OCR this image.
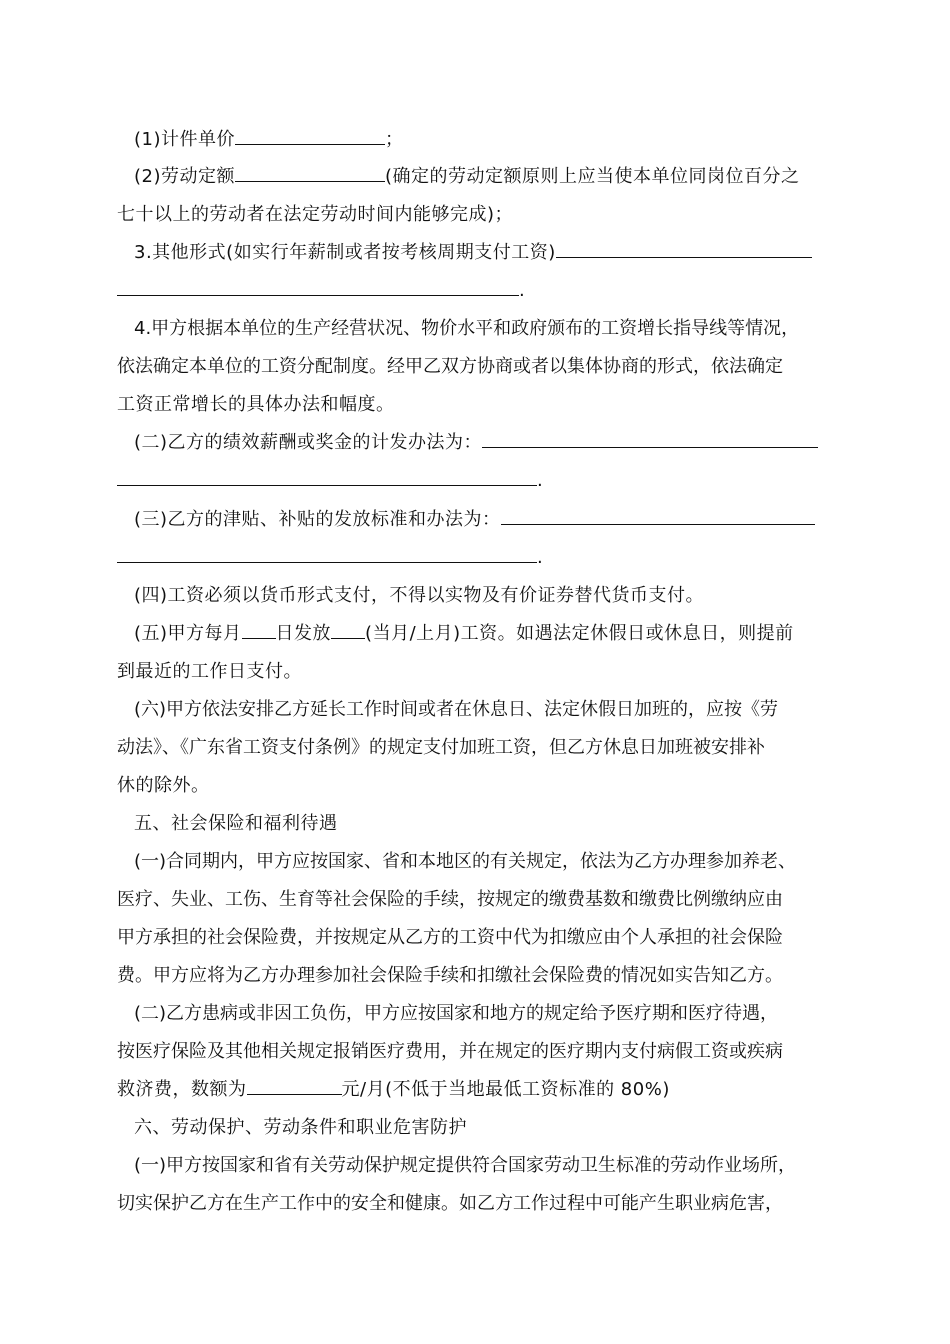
(1)计件单价	；
(2)劳动定额	(确定的劳动定额原则上应当使本单位同岗位百分之
七十以上的劳动者在法定劳动时间内能够完成)；
3.其他形式(如实行年薪制或者按考核周期支付工资)
.
4.甲方根据本单位的生产经营状况、物价水平和政府颁布的工资增长指导线等情况，
依法确定本单位的工资分配制度。经甲乙双方协商或者以集体协商的形式，依法确定
工资正常增长的具体办法和幅度。
(二)乙方的绩效薪酬或奖金的计发办法为：
.
(三)乙方的津贴、补贴的发放标准和办法为：
.
(四)工资必须以货币形式支付，不得以实物及有价证券替代货币支付。
(五)甲方每月 日发放 (当月/上月)工资。如遇法定休假日或休息日，则提前
到最近的工作日支付。
(六)甲方依法安排乙方延长工作时间或者在休息日、法定休假日加班的，应按《劳
动法》、《广东省工资支付条例》的规定支付加班工资，但乙方休息日加班被安排补
休的除外。
五、社会保险和福利待遇
(一)合同期内，甲方应按国家、省和本地区的有关规定，依法为乙方办理参加养老、
医疗、失业、工伤、生育等社会保险的手续，按规定的缴费基数和缴费比例缴纳应由
甲方承担的社会保险费，并按规定从乙方的工资中代为扣缴应由个人承担的社会保险
费。甲方应将为乙方办理参加社会保险手续和扣缴社会保险费的情况如实告知乙方。
(二)乙方患病或非因工负伤，甲方应按国家和地方的规定给予医疗期和医疗待遇，
按医疗保险及其他相关规定报销医疗费用，并在规定的医疗期内支付病假工资或疾病
救济费，数额为	元/月(不低于当地最低工资标准的 80%)
六、劳动保护、劳动条件和职业危害防护
(一)甲方按国家和省有关劳动保护规定提供符合国家劳动卫生标准的劳动作业场所，
切实保护乙方在生产工作中的安全和健康。如乙方工作过程中可能产生职业病危害，
